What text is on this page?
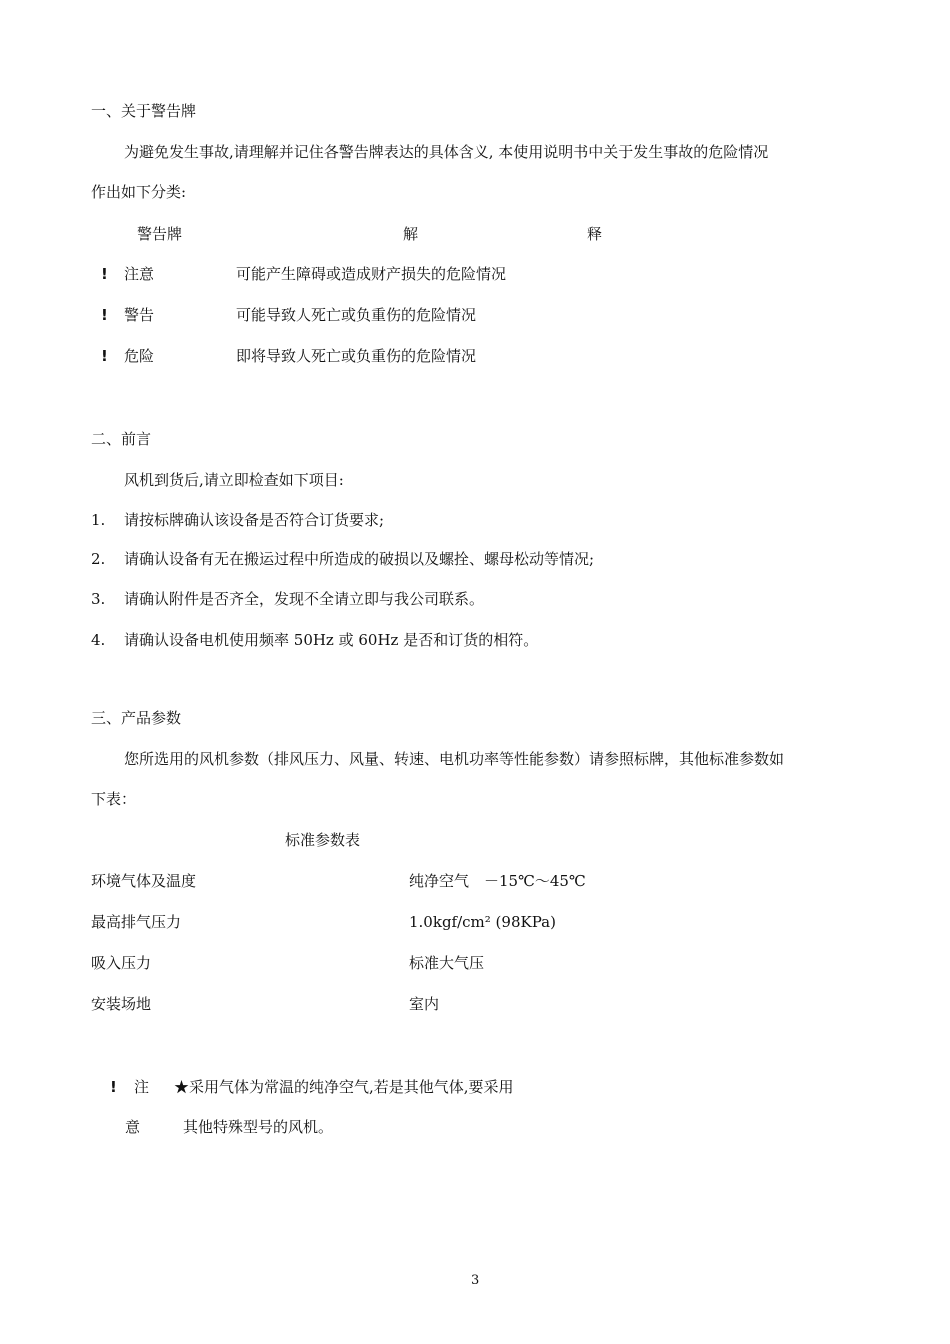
一、关于警告牌
为避免发生事故,请理解并记住各警告牌表达的具体含义, 本使用说明书中关于发生事故的危险情况
作出如下分类:
警告牌	解	释
! 注意	可能产生障碍或造成财产损失的危险情况
! 警告	可能导致人死亡或负重伤的危险情况
! 危险	即将导致人死亡或负重伤的危险情况
二、前言
风机到货后,请立即检查如下项目:
1. 请按标牌确认该设备是否符合订货要求;
2. 请确认设备有无在搬运过程中所造成的破损以及螺拴、螺母松动等情况;
3. 请确认附件是否齐全，发现不全请立即与我公司联系。
4. 请确认设备电机使用频率 50Hz 或 60Hz 是否和订货的相符。
三、产品参数
您所选用的风机参数（排风压力、风量、转速、电机功率等性能参数）请参照标牌，其他标准参数如
下表：
标准参数表
环境气体及温度	纯净空气　－15℃～45℃
最高排气压力	1.0kgf/cm² (98KPa)
吸入压力	标准大气压
安装场地	室内
! 注 ★采用气体为常温的纯净空气,若是其他气体,要采用
意	其他特殊型号的风机。
3
